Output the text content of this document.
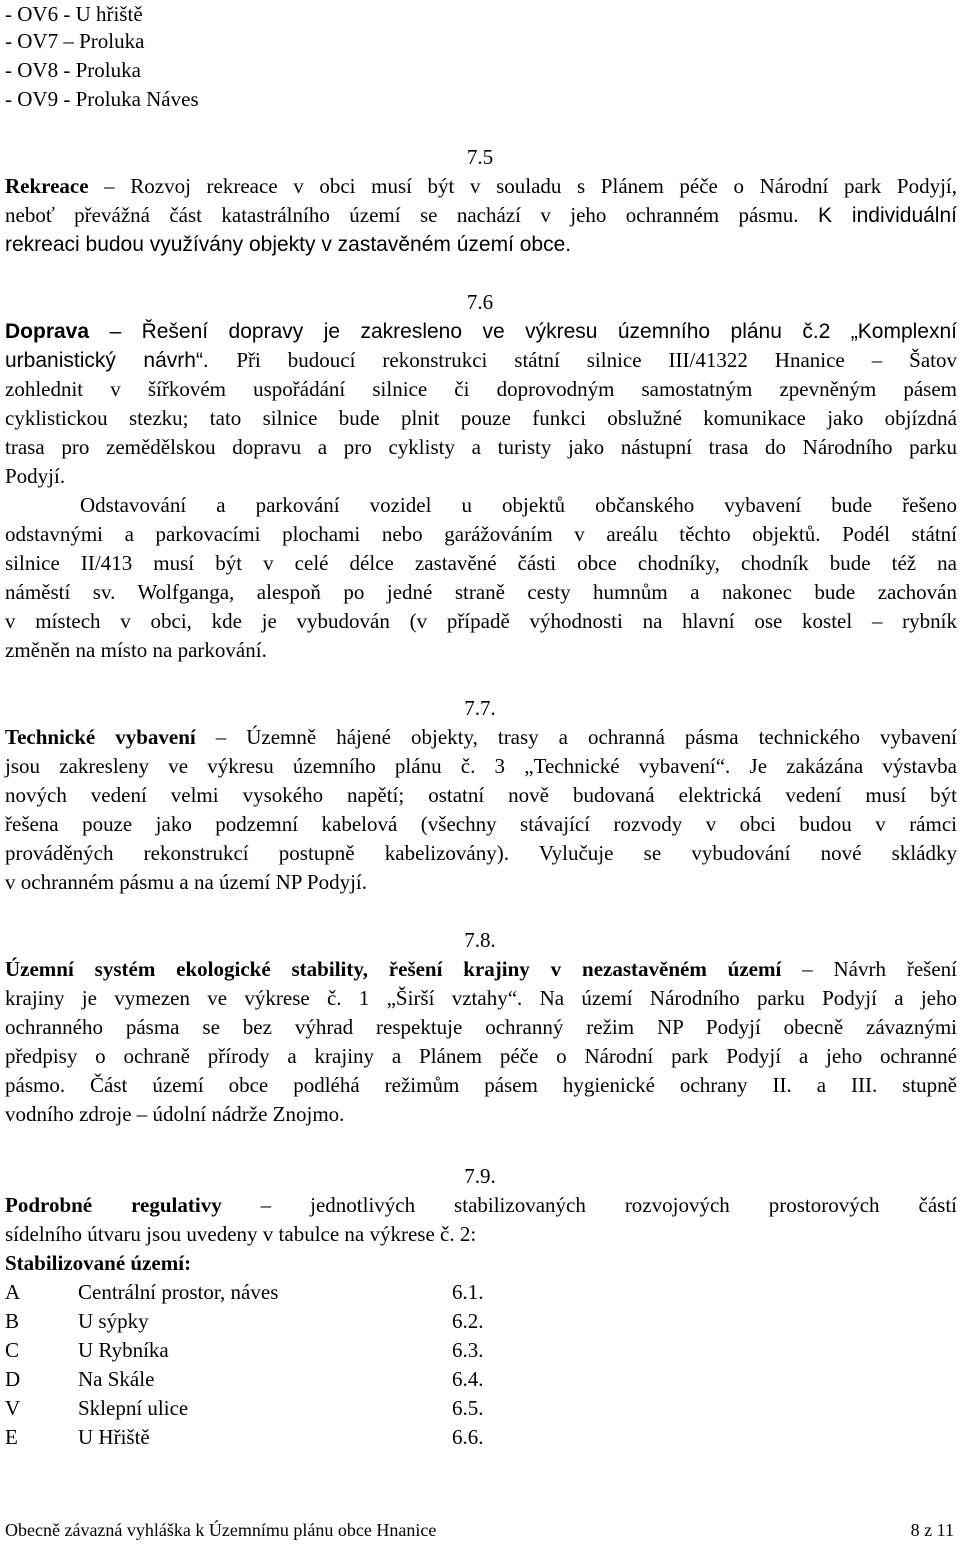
- OV6 - U hřiště
- OV7 – Proluka
- OV8 - Proluka
- OV9 - Proluka Náves
7.5
Rekreace – Rozvoj rekreace v obci musí být v souladu s Plánem péče o Národní park Podyjí,
neboť převážná část katastrálního území se nachází v jeho ochranném pásmu. K individuální
rekreaci budou využívány objekty v zastavěném území obce.
7.6
Doprava – Řešení dopravy je zakresleno ve výkresu územního plánu č.2 „Komplexní
urbanistický návrh“. Při budoucí rekonstrukci státní silnice III/41322 Hnanice – Šatov
zohlednit v šířkovém uspořádání silnice či doprovodným samostatným zpevněným pásem
cyklistickou stezku; tato silnice bude plnit pouze funkci obslužné komunikace jako objízdná
trasa pro zemědělskou dopravu a pro cyklisty a turisty jako nástupní trasa do Národního parku
Podyjí.
Odstavování a parkování vozidel u objektů občanského vybavení bude řešeno
odstavnými a parkovacími plochami nebo garážováním v areálu těchto objektů. Podél státní
silnice II/413 musí být v celé délce zastavěné části obce chodníky, chodník bude též na
náměstí sv. Wolfganga, alespoň po jedné straně cesty humnům a nakonec bude zachován
v místech v obci, kde je vybudován (v případě výhodnosti na hlavní ose kostel – rybník
změněn na místo na parkování.
7.7.
Technické vybavení – Územně hájené objekty, trasy a ochranná pásma technického vybavení
jsou zakresleny ve výkresu územního plánu č. 3 „Technické vybavení“. Je zakázána výstavba
nových vedení velmi vysokého napětí; ostatní nově budovaná elektrická vedení musí být
řešena pouze jako podzemní kabelová (všechny stávající rozvody v obci budou v rámci
prováděných rekonstrukcí postupně kabelizovány). Vylučuje se vybudování nové skládky
v ochranném pásmu a na území NP Podyjí.
7.8.
Územní systém ekologické stability, řešení krajiny v nezastavěném území – Návrh řešení
krajiny je vymezen ve výkrese č. 1 „Širší vztahy“. Na území Národního parku Podyjí a jeho
ochranného pásma se bez výhrad respektuje ochranný režim NP Podyjí obecně závaznými
předpisy o ochraně přírody a krajiny a Plánem péče o Národní park Podyjí a jeho ochranné
pásmo. Část území obce podléhá režimům pásem hygienické ochrany II. a III. stupně
vodního zdroje – údolní nádrže Znojmo.
7.9.
Podrobné regulativy – jednotlivých stabilizovaných rozvojových prostorových částí
sídelního útvaru jsou uvedeny v tabulce na výkrese č. 2:
Stabilizované území:
A	Centrální prostor, náves	6.1.
B	U sýpky	6.2.
C	U Rybníka	6.3.
D	Na Skále	6.4.
V	Sklepní ulice	6.5.
E	U Hřiště	6.6.
Obecně závazná vyhláška k Územnímu plánu obce Hnanice	8 z 11
